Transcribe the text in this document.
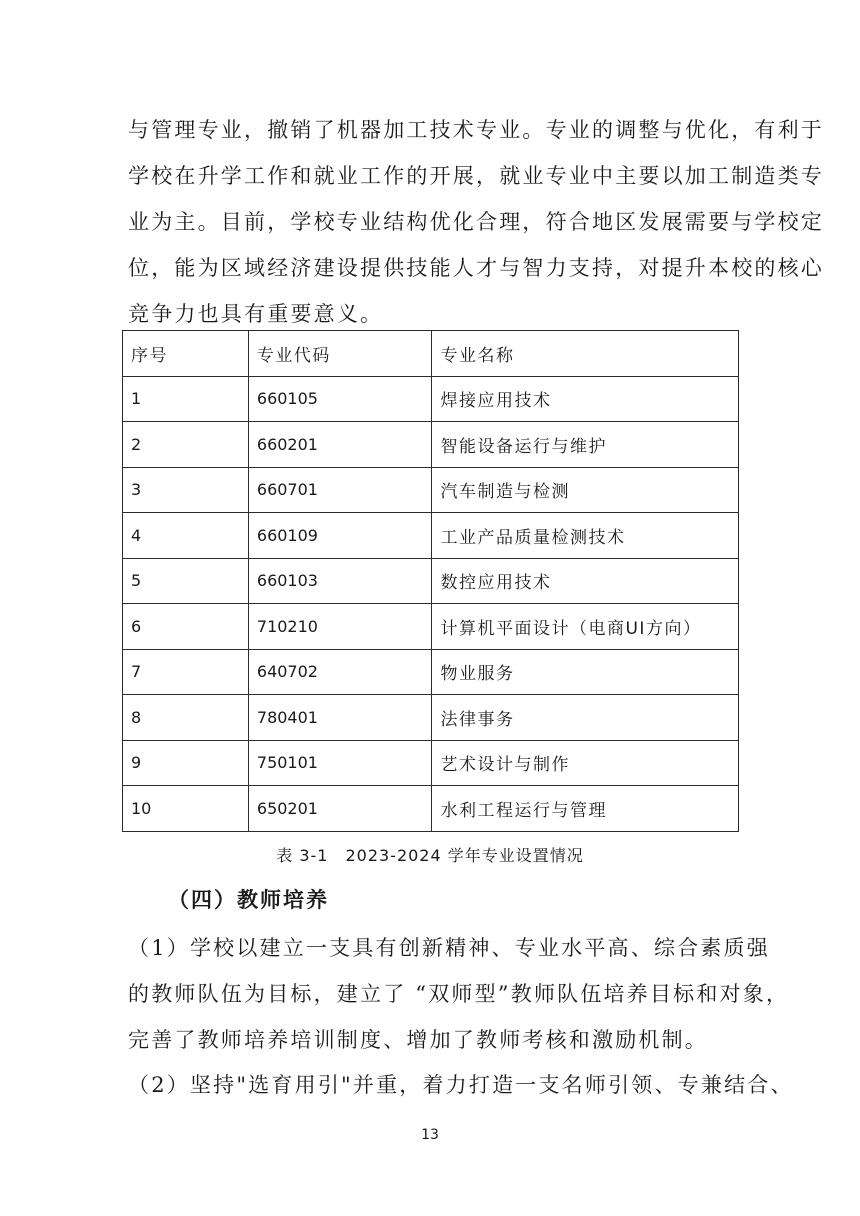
与管理专业，撤销了机器加工技术专业。专业的调整与优化，有利于
学校在升学工作和就业工作的开展，就业专业中主要以加工制造类专
业为主。目前，学校专业结构优化合理，符合地区发展需要与学校定
位，能为区域经济建设提供技能人才与智力支持，对提升本校的核心
竞争力也具有重要意义。

序号	专业代码	专业名称
1	660105	焊接应用技术
2	660201	智能设备运行与维护
3	660701	汽车制造与检测
4	660109	工业产品质量检测技术
5	660103	数控应用技术
6	710210	计算机平面设计（电商UI方向）
7	640702	物业服务
8	780401	法律事务
9	750101	艺术设计与制作
10	650201	水利工程运行与管理
表 3-1　2023-2024 学年专业设置情况
（四）教师培养

（1）学校以建立一支具有创新精神、专业水平高、综合素质强
的教师队伍为目标，建立了 “双师型”教师队伍培养目标和对象，
完善了教师培养培训制度、增加了教师考核和激励机制。

（2）坚持"选育用引"并重，着力打造一支名师引领、专兼结合、

13
